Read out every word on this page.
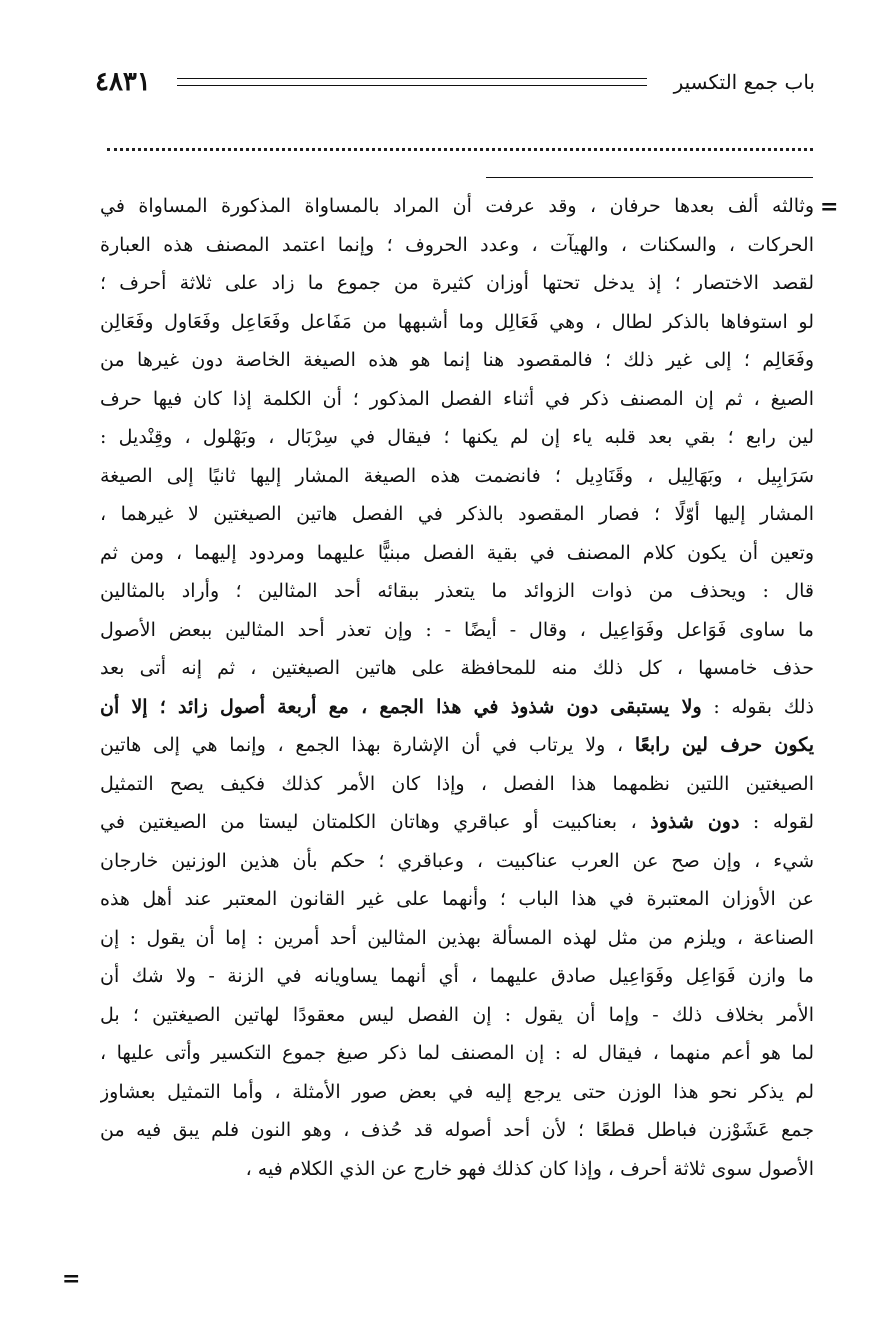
٤٨٣١	باب جمع التكسير
=
=
وثالثه ألف بعدها حرفان ، وقد عرفت أن المراد بالمساواة المذكورة المساواة في
الحركات ، والسكنات ، والهيآت ، وعدد الحروف ؛ وإنما اعتمد المصنف هذه العبارة
لقصد الاختصار ؛ إذ يدخل تحتها أوزان كثيرة من جموع ما زاد على ثلاثة أحرف ؛
لو استوفاها بالذكر لطال ، وهي فَعَالِل وما أشبهها من مَفَاعل وفَعَاعِل وفَعَاول وفَعَالِن
وفَعَالِم ؛ إلى غير ذلك ؛ فالمقصود هنا إنما هو هذه الصيغة الخاصة دون غيرها من
الصيغ ، ثم إن المصنف ذكر في أثناء الفصل المذكور ؛ أن الكلمة إذا كان فيها حرف
لين رابع ؛ بقي بعد قلبه ياء إن لم يكنها ؛ فيقال في سِرْبَال ، وبَهْلول ، وقِنْديل :
سَرَابِيل ، وبَهَالِيل ، وقَنَادِيل ؛ فانضمت هذه الصيغة المشار إليها ثانيًا إلى الصيغة
المشار إليها أوّلًا ؛ فصار المقصود بالذكر في الفصل هاتين الصيغتين لا غيرهما ،
وتعين أن يكون كلام المصنف في بقية الفصل مبنيًّا عليهما ومردود إليهما ، ومن ثم
قال : ويحذف من ذوات الزوائد ما يتعذر ببقائه أحد المثالين ؛ وأراد بالمثالين
ما ساوى فَوَاعل وفَوَاعِيل ، وقال - أيضًا - : وإن تعذر أحد المثالين ببعض الأصول
حذف خامسها ، كل ذلك منه للمحافظة على هاتين الصيغتين ، ثم إنه أتى بعد
ذلك بقوله : ولا يستبقى دون شذوذ في هذا الجمع ، مع أربعة أصول زائد ؛ إلا أن
يكون حرف لين رابعًا ، ولا يرتاب في أن الإشارة بهذا الجمع ، وإنما هي إلى هاتين
الصيغتين اللتين نظمهما هذا الفصل ، وإذا كان الأمر كذلك فكيف يصح التمثيل
لقوله : دون شذوذ ، بعناكبيت أو عباقري وهاتان الكلمتان ليستا من الصيغتين في
شيء ، وإن صح عن العرب عناكبيت ، وعباقري ؛ حكم بأن هذين الوزنين خارجان
عن الأوزان المعتبرة في هذا الباب ؛ وأنهما على غير القانون المعتبر عند أهل هذه
الصناعة ، ويلزم من مثل لهذه المسألة بهذين المثالين أحد أمرين : إما أن يقول : إن
ما وازن فَوَاعِل وفَوَاعِيل صادق عليهما ، أي أنهما يساويانه في الزنة - ولا شك أن
الأمر بخلاف ذلك - وإما أن يقول : إن الفصل ليس معقودًا لهاتين الصيغتين ؛ بل
لما هو أعم منهما ، فيقال له : إن المصنف لما ذكر صيغ جموع التكسير وأتى عليها ،
لم يذكر نحو هذا الوزن حتى يرجع إليه في بعض صور الأمثلة ، وأما التمثيل بعشاوز
جمع عَشَوْزن فباطل قطعًا ؛ لأن أحد أصوله قد حُذف ، وهو النون فلم يبق فيه من
الأصول سوى ثلاثة أحرف ، وإذا كان كذلك فهو خارج عن الذي الكلام فيه ،
